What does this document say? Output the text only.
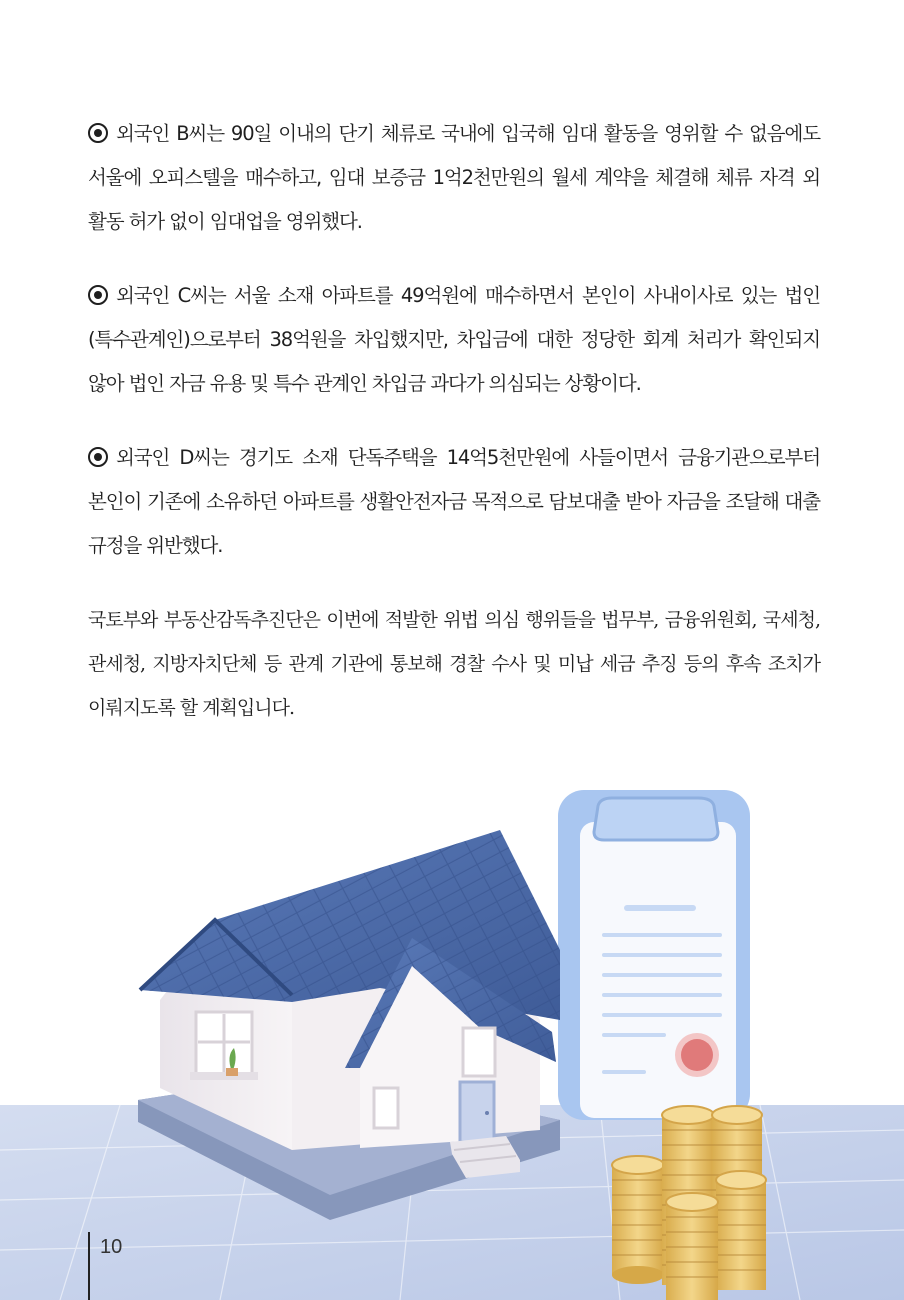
외국인 B씨는 90일 이내의 단기 체류로 국내에 입국해 임대 활동을 영위할 수 없음에도 서울에 오피스텔을 매수하고, 임대 보증금 1억2천만원의 월세 계약을 체결해 체류 자격 외 활동 허가 없이 임대업을 영위했다.

외국인 C씨는 서울 소재 아파트를 49억원에 매수하면서 본인이 사내이사로 있는 법인(특수관계인)으로부터 38억원을 차입했지만, 차입금에 대한 정당한 회계 처리가 확인되지 않아 법인 자금 유용 및 특수 관계인 차입금 과다가 의심되는 상황이다.

외국인 D씨는 경기도 소재 단독주택을 14억5천만원에 사들이면서 금융기관으로부터 본인이 기존에 소유하던 아파트를 생활안전자금 목적으로 담보대출 받아 자금을 조달해 대출 규정을 위반했다.

국토부와 부동산감독추진단은 이번에 적발한 위법 의심 행위들을 법무부, 금융위원회, 국세청, 관세청, 지방자치단체 등 관계 기관에 통보해 경찰 수사 및 미납 세금 추징 등의 후속 조치가 이뤄지도록 할 계획입니다.

10
